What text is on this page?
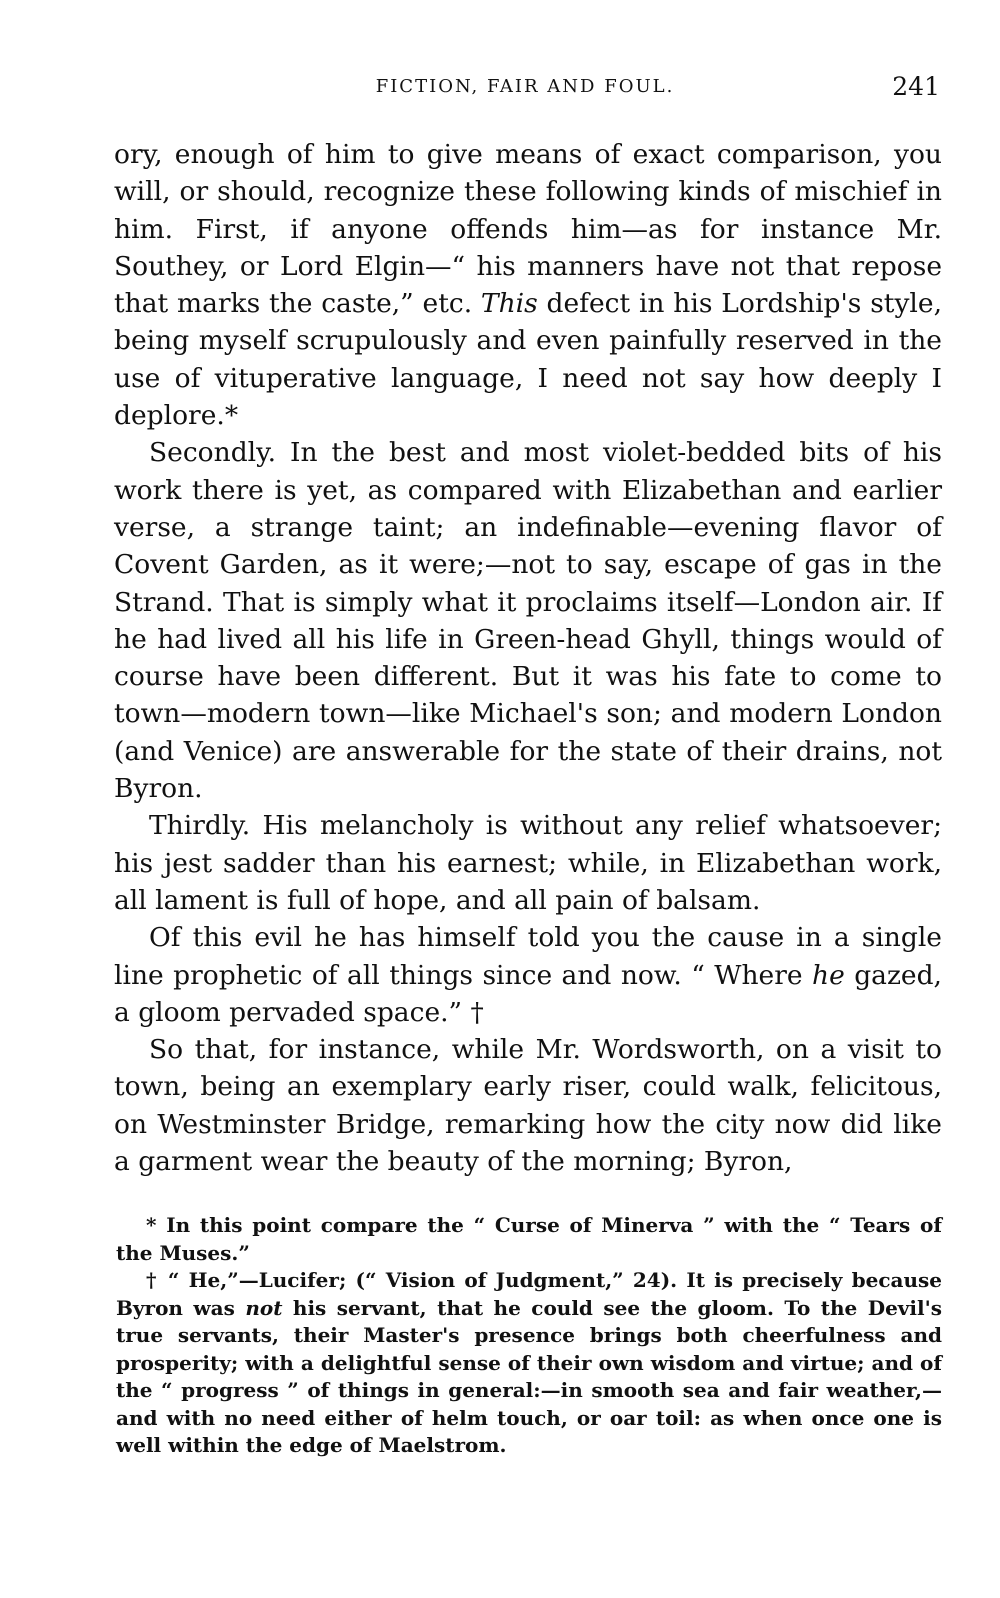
FICTION, FAIR AND FOUL.	241

ory, enough of him to give means of exact comparison, you will, or should, recognize these following kinds of mischief in him. First, if anyone offends him—as for instance Mr. Southey, or Lord Elgin—“ his manners have not that repose that marks the caste,” etc. This defect in his Lordship's style, being myself scrupulously and even painfully reserved in the use of vituperative language, I need not say how deeply I deplore.*

Secondly. In the best and most violet-bedded bits of his work there is yet, as compared with Elizabethan and earlier verse, a strange taint; an indefinable—evening flavor of Covent Garden, as it were;—not to say, escape of gas in the Strand. That is simply what it proclaims itself—London air. If he had lived all his life in Green-head Ghyll, things would of course have been different. But it was his fate to come to town—modern town—like Michael's son; and modern London (and Venice) are answerable for the state of their drains, not Byron.

Thirdly. His melancholy is without any relief whatsoever; his jest sadder than his earnest; while, in Elizabethan work, all lament is full of hope, and all pain of balsam.

Of this evil he has himself told you the cause in a single line prophetic of all things since and now. “ Where he gazed, a gloom pervaded space.” †

So that, for instance, while Mr. Wordsworth, on a visit to town, being an exemplary early riser, could walk, felicitous, on Westminster Bridge, remarking how the city now did like a garment wear the beauty of the morning; Byron,

* In this point compare the “ Curse of Minerva ” with the “ Tears of the Muses.”

† “ He,”—Lucifer; (“ Vision of Judgment,” 24). It is precisely because Byron was not his servant, that he could see the gloom. To the Devil's true servants, their Master's presence brings both cheerfulness and prosperity; with a delightful sense of their own wisdom and virtue; and of the “ progress ” of things in general:—in smooth sea and fair weather,—and with no need either of helm touch, or oar toil: as when once one is well within the edge of Maelstrom.
